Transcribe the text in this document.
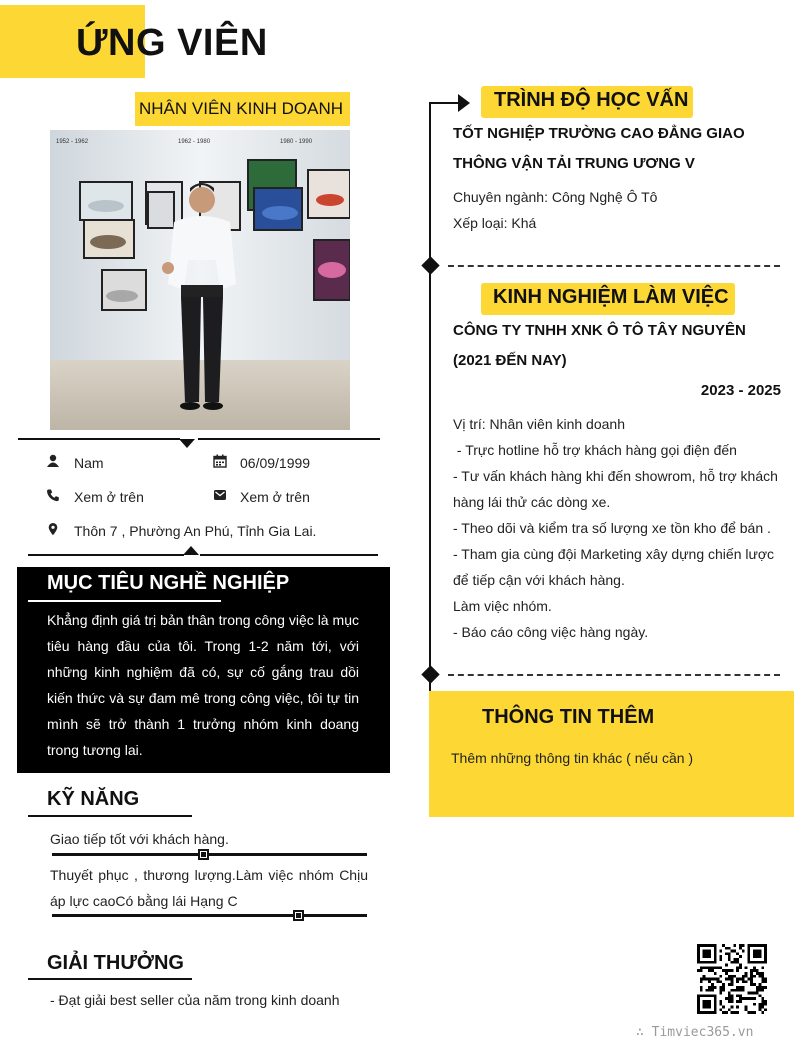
ỨNG VIÊN
NHÂN VIÊN KINH DOANH
1952 - 1962	1962 - 1980	1980 - 1990
Nam	06/09/1999
Xem ở trên	Xem ở trên
Thôn 7 , Phường An Phú, Tỉnh Gia Lai.
MỤC TIÊU NGHỀ NGHIỆP
Khẳng định giá trị bản thân trong công việc là mục tiêu hàng đầu của tôi. Trong 1-2 năm tới, với những kinh nghiệm đã có, sự cố gắng trau dồi kiến thức và sự đam mê trong công việc, tôi tự tin mình sẽ trở thành 1 trưởng nhóm kinh doang trong tương lai.
KỸ NĂNG
Giao tiếp tốt với khách hàng.
Thuyết phục , thương lượng.Làm việc nhóm Chịu áp lực caoCó bằng lái Hạng C
GIẢI THƯỞNG
- Đạt giải best seller của năm trong kinh doanh
TRÌNH ĐỘ HỌC VẤN
TỐT NGHIỆP TRƯỜNG CAO ĐẲNG GIAO THÔNG VẬN TẢI TRUNG ƯƠNG V
Chuyên ngành: Công Nghệ Ô Tô
Xếp loại: Khá
KINH NGHIỆM LÀM VIỆC
CÔNG TY TNHH XNK Ô TÔ TÂY NGUYÊN (2021 ĐẾN NAY)
2023 - 2025
Vị trí: Nhân viên kinh doanh
- Trực hotline hỗ trợ khách hàng gọi điện đến
- Tư vấn khách hàng khi đến showrom, hỗ trợ khách hàng lái thử các dòng xe.
- Theo dõi và kiểm tra số lượng xe tồn kho để bán .
- Tham gia cùng đội Marketing xây dựng chiến lược để tiếp cận với khách hàng.
Làm việc nhóm.
- Báo cáo công việc hàng ngày.
THÔNG TIN THÊM
Thêm những thông tin khác ( nếu cần )
∴ Timviec365.vn
